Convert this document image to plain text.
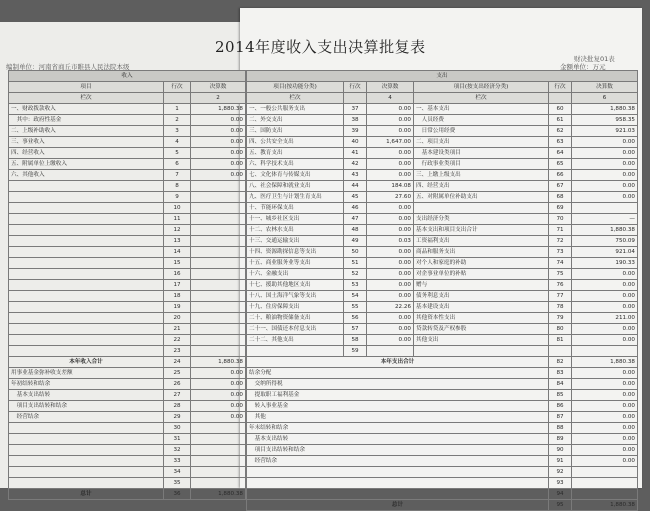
2014年度收入支出决算批复表
编制单位：河南省商丘市睢县人民法院本级
财决批复01表
金额单位：万元
收入		
项目	行次	决算数
栏次		2
一、财政拨款收入	1	1,880.38
　其中：政府性基金	2	0.00
二、上级补助收入	3	0.00
三、事业收入	4	0.00
四、经营收入	5	0.00
五、附属单位上缴收入	6	0.00
六、其他收入	7	0.00
	8	
	9	
	10	
	11	
	12	
	13	
	14	
	15	
	16	
	17	
	18	
	19	
	20	
	21	
	22	
	23	
本年收入合计	24	1,880.38
用事业基金弥补收支差额	25	0.00
年初结转和结余	26	0.00
　基本支出结转	27	0.00
　项目支出结转和结余	28	0.00
　经营结余	29	0.00
	30	
	31	
	32	
	33	
	34	
	35	
总计	36	1,880.38
支出					
项目(按功能分类)	行次	决算数	项目(按支出经济分类)	行次	决算数
栏次		4	栏次		6
一、一般公共服务支出	37	0.00	一、基本支出	60	1,880.38
二、外交支出	38	0.00	　人员经费	61	958.35
三、国防支出	39	0.00	　日常公用经费	62	921.03
四、公共安全支出	40	1,647.00	二、项目支出	63	0.00
五、教育支出	41	0.00	　基本建设类项目	64	0.00
六、科学技术支出	42	0.00	　行政事业类项目	65	0.00
七、文化体育与传媒支出	43	0.00	三、上缴上级支出	66	0.00
八、社会保障和就业支出	44	184.08	四、经营支出	67	0.00
九、医疗卫生与计划生育支出	45	27.60	五、对附属单位补助支出	68	0.00
十、节能环保支出	46	0.00		69	
十一、城乡社区支出	47	0.00	支出经济分类	70	—
十二、农林水支出	48	0.00	基本支出和项目支出合计	71	1,880.38
十三、交通运输支出	49	0.03	工资福利支出	72	750.09
十四、资源勘探信息等支出	50	0.00	商品和服务支出	73	921.04
十五、商业服务业等支出	51	0.00	对个人和家庭的补助	74	190.33
十六、金融支出	52	0.00	对企事业单位的补贴	75	0.00
十七、援助其他地区支出	53	0.00	赠与	76	0.00
十八、国土海洋气象等支出	54	0.00	债务利息支出	77	0.00
十九、住房保障支出	55	22.26	基本建设支出	78	0.00
二十、粮油物资储备支出	56	0.00	其他资本性支出	79	211.00
二十一、国债还本付息支出	57	0.00	贷款转贷及产权参股	80	0.00
二十二、其他支出	58	0.00	其他支出	81	0.00
	59				
本年支出合计				82	1,880.38
结余分配				83	0.00
　交纳所得税				84	0.00
　提取职工福利基金				85	0.00
　转入事业基金				86	0.00
　其他				87	0.00
年末结转和结余				88	0.00
　基本支出结转				89	0.00
　项目支出结转和结余				90	0.00
　经营结余				91	0.00
				92	
				93	
				94	
总计				95	1,880.38
